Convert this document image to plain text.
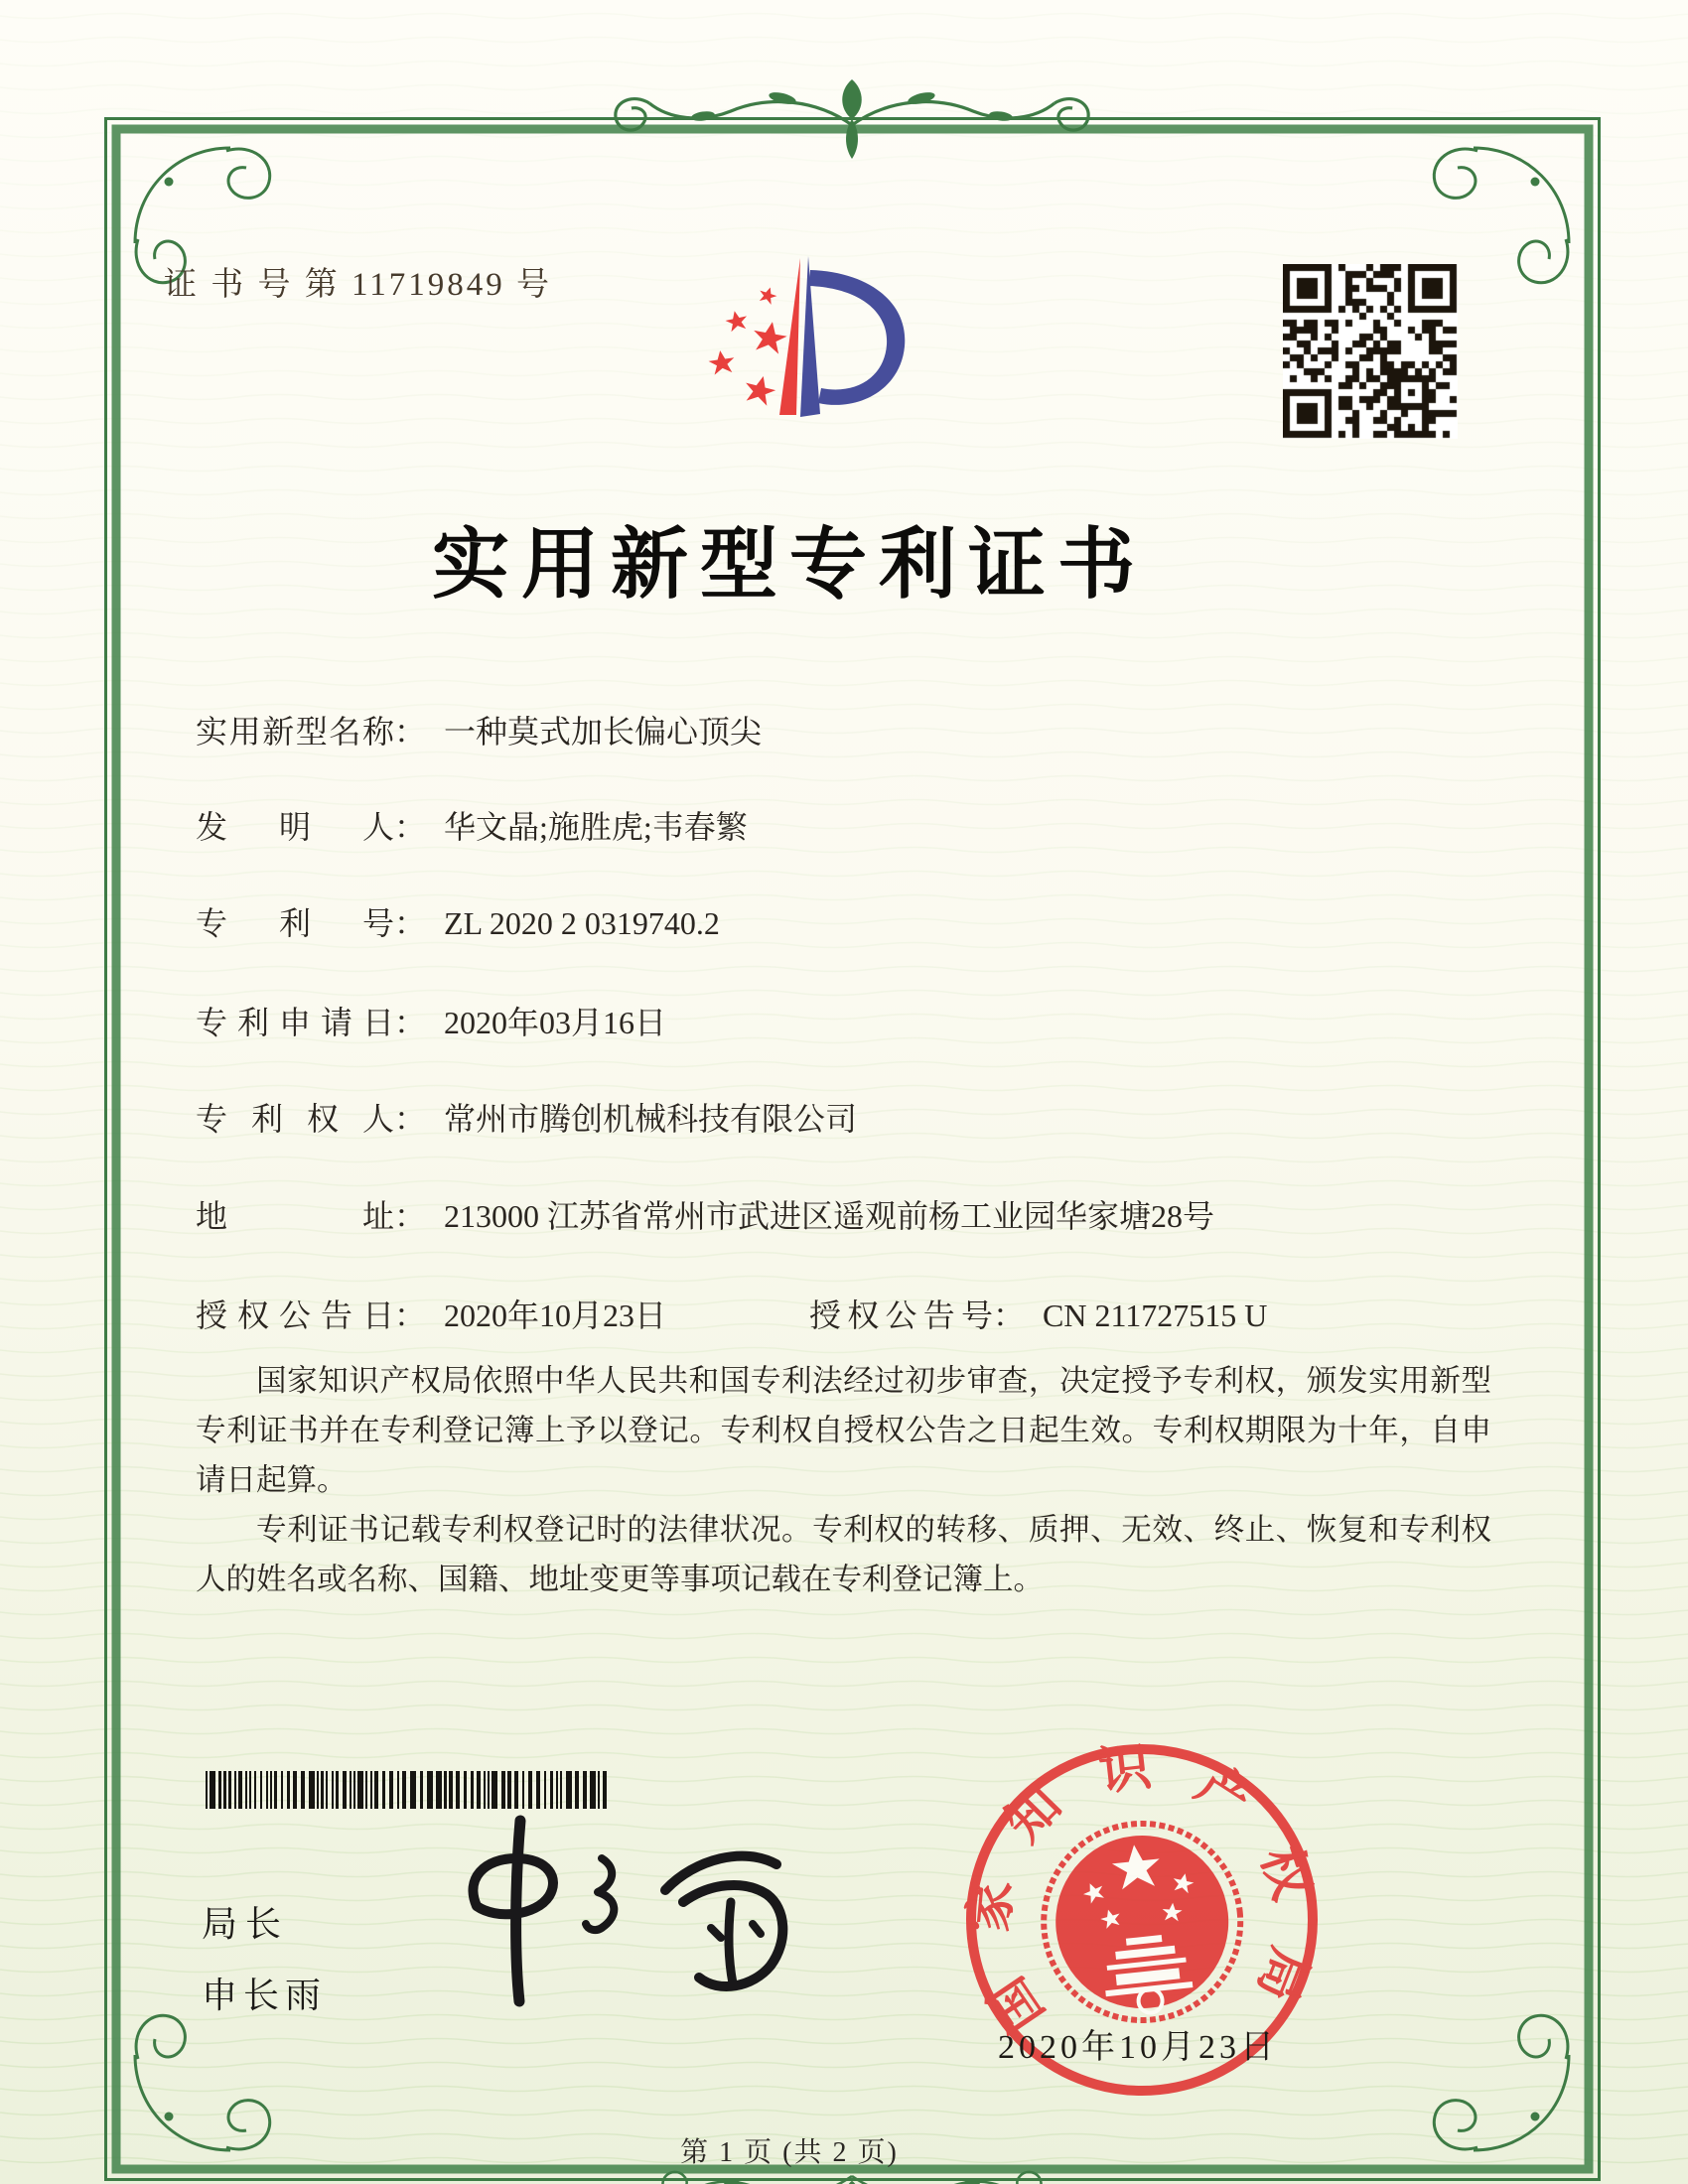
证 书 号 第 11719849 号
实用新型专利证书
实用新型名称： 一种莫式加长偏心顶尖
发明人： 华文晶;施胜虎;韦春繁
专利号： ZL 2020 2 0319740.2
专利申请日： 2020年03月16日
专利权人： 常州市腾创机械科技有限公司
地址： 213000 江苏省常州市武进区遥观前杨工业园华家塘28号
授权公告日： 2020年10月23日	授权公告号： CN 211727515 U

国家知识产权局依照中华人民共和国专利法经过初步审查，决定授予专利权，颁发实用新型专利证书并在专利登记簿上予以登记。专利权自授权公告之日起生效。专利权期限为十年，自申请日起算。

专利证书记载专利权登记时的法律状况。专利权的转移、质押、无效、终止、恢复和专利权人的姓名或名称、国籍、地址变更等事项记载在专利登记簿上。

局长
申长雨	国家知识产权局
2020年10月23日
第 1 页 (共 2 页)
